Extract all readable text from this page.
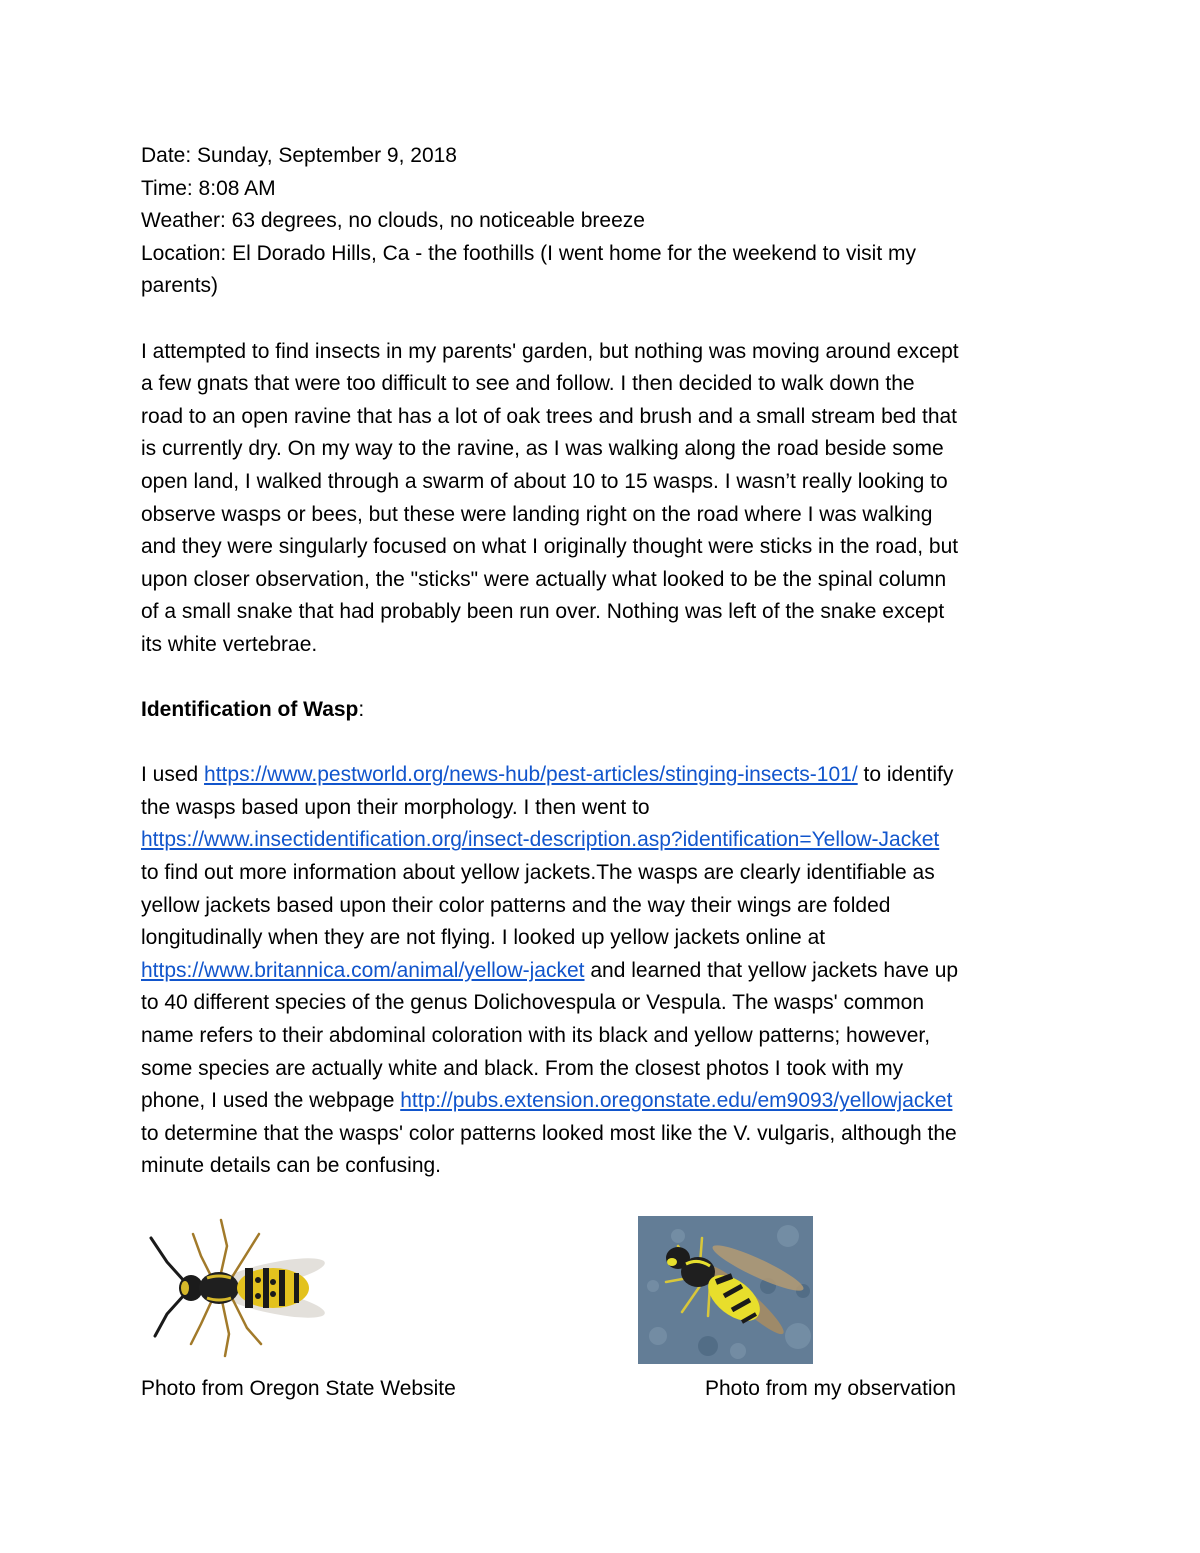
Date: Sunday, September 9, 2018
Time: 8:08 AM
Weather: 63 degrees, no clouds, no noticeable breeze
Location: El Dorado Hills, Ca - the foothills (I went home for the weekend to visit my
parents)
I attempted to find insects in my parents' garden, but nothing was moving around except
a few gnats that were too difficult to see and follow. I then decided to walk down the
road to an open ravine that has a lot of oak trees and brush and a small stream bed that
is currently dry. On my way to the ravine, as I was walking along the road beside some
open land, I walked through a swarm of about 10 to 15 wasps. I wasn’t really looking to
observe wasps or bees, but these were landing right on the road where I was walking
and they were singularly focused on what I originally thought were sticks in the road, but
upon closer observation, the "sticks" were actually what looked to be the spinal column
of a small snake that had probably been run over. Nothing was left of the snake except
its white vertebrae.
Identification of Wasp:
I used https://www.pestworld.org/news-hub/pest-articles/stinging-insects-101/ to identify
the wasps based upon their morphology. I then went to
https://www.insectidentification.org/insect-description.asp?identification=Yellow-Jacket
to find out more information about yellow jackets.The wasps are clearly identifiable as
yellow jackets based upon their color patterns and the way their wings are folded
longitudinally when they are not flying. I looked up yellow jackets online at
https://www.britannica.com/animal/yellow-jacket and learned that yellow jackets have up
to 40 different species of the genus Dolichovespula or Vespula. The wasps' common
name refers to their abdominal coloration with its black and yellow patterns; however,
some species are actually white and black. From the closest photos I took with my
phone, I used the webpage http://pubs.extension.oregonstate.edu/em9093/yellowjacket
to determine that the wasps' color patterns looked most like the V. vulgaris, although the
minute details can be confusing.
Photo from Oregon State Website	Photo from my observation
